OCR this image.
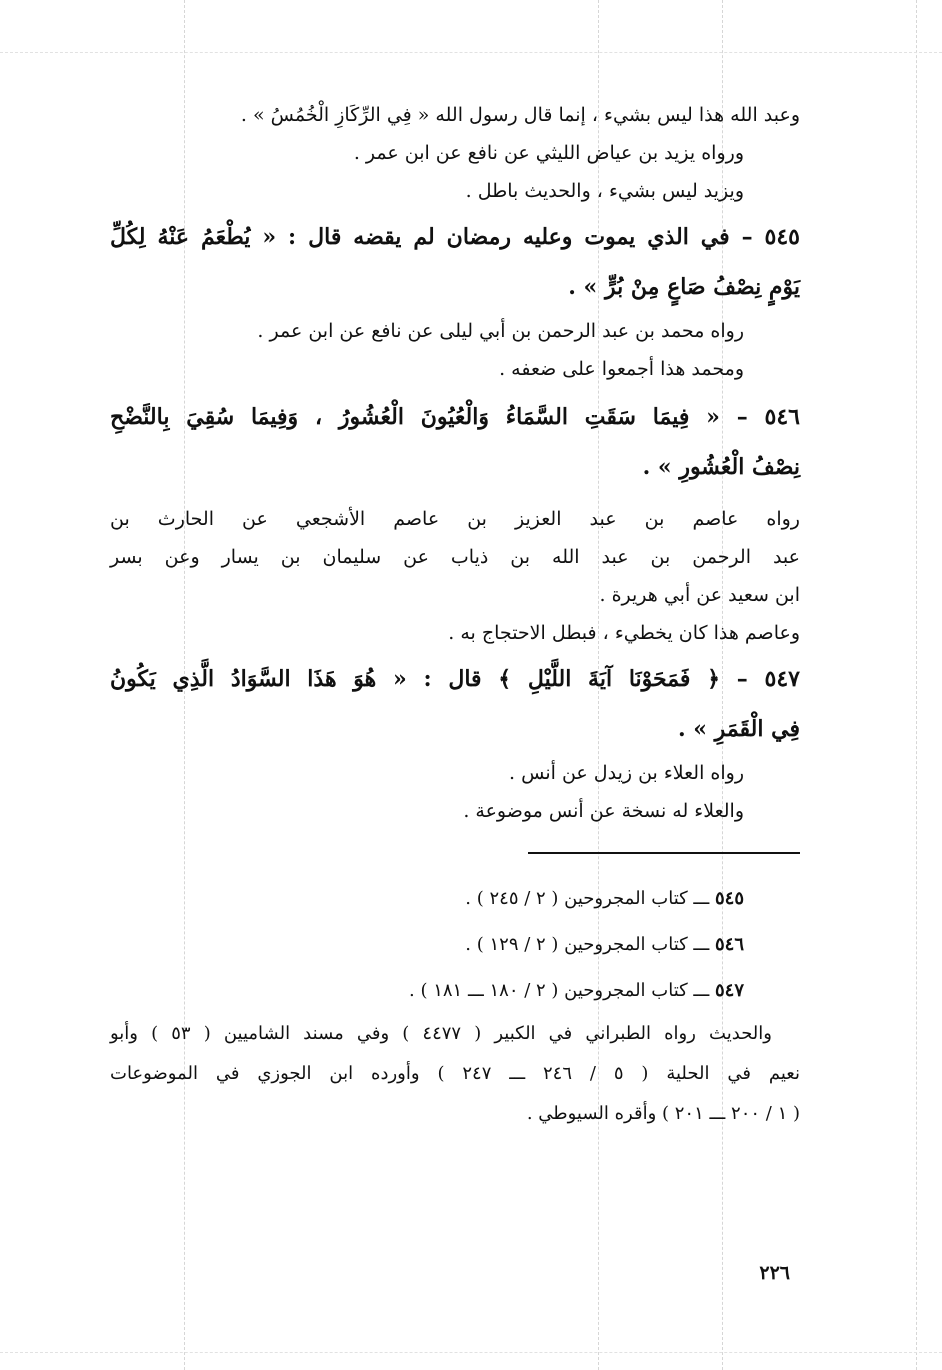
وعبد الله هذا ليس بشيء ، إنما قال رسول الله « فِي الرِّكَازِ الْخُمُسُ » .
ورواه يزيد بن عياض الليثي عن نافع عن ابن عمر .
ويزيد ليس بشيء ، والحديث باطل .
٥٤٥ – في الذي يموت وعليه رمضان لم يقضه قال : « يُطْعَمُ عَنْهُ لِكُلِّ
يَوْمٍ نِصْفُ صَاعٍ مِنْ بُرٍّ » .
رواه محمد بن عبد الرحمن بن أبي ليلى عن نافع عن ابن عمر .
ومحمد هذا أجمعوا على ضعفه .
٥٤٦ – « فِيمَا سَقَتِ السَّمَاءُ وَالْعُيُونَ الْعُشُورُ ، وَفِيمَا سُقِيَ بِالنَّضْحِ
نِصْفُ الْعُشُورِ » .
رواه عاصم بن عبد العزيز بن عاصم الأشجعي عن الحارث بن
عبد الرحمن بن عبد الله بن ذياب عن سليمان بن يسار وعن بسر
ابن سعيد عن أبي هريرة .
وعاصم هذا كان يخطيء ، فبطل الاحتجاج به .
٥٤٧ – ﴿ فَمَحَوْنَا آيَةَ اللَّيْلِ ﴾ قال : « هُوَ هَذَا السَّوَادُ الَّذِي يَكُونُ
فِي الْقَمَرِ » .
رواه العلاء بن زيدل عن أنس .
والعلاء له نسخة عن أنس موضوعة .
٥٤٥ ـــ كتاب المجروحين ( ٢ / ٢٤٥ ) .
٥٤٦ ـــ كتاب المجروحين ( ٢ / ١٢٩ ) .
٥٤٧ ـــ كتاب المجروحين ( ٢ / ١٨٠ ـــ ١٨١ ) .
والحديث رواه الطبراني في الكبير ( ٤٤٧٧ ) وفي مسند الشاميين ( ٥٣ ) وأبو
نعيم في الحلية ( ٥ / ٢٤٦ ـــ ٢٤٧ ) وأورده ابن الجوزي في الموضوعات
( ١ / ٢٠٠ ـــ ٢٠١ ) وأقره السيوطي .
٢٢٦
